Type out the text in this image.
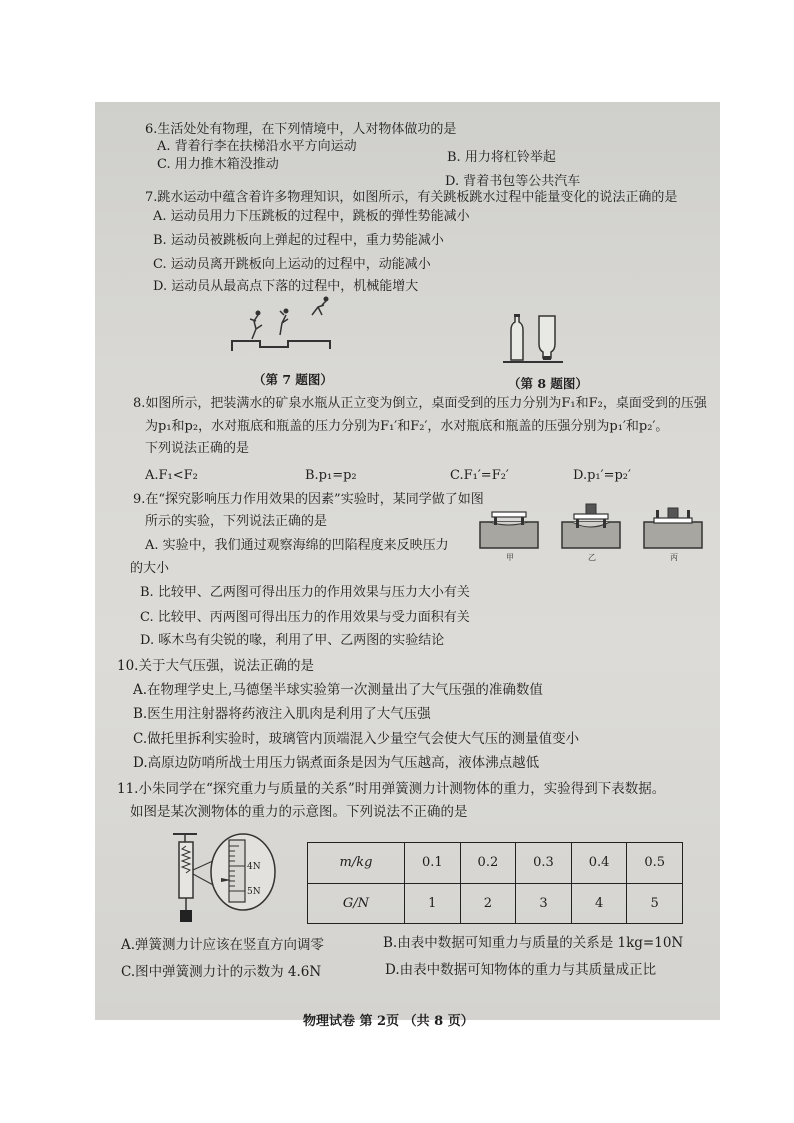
6.生活处处有物理，在下列情境中，人对物体做功的是
A. 背着行李在扶梯沿水平方向运动
B. 用力将杠铃举起
C. 用力推木箱没推动
D. 背着书包等公共汽车
7.跳水运动中蕴含着许多物理知识，如图所示，有关跳板跳水过程中能量变化的说法正确的是
A. 运动员用力下压跳板的过程中，跳板的弹性势能减小
B. 运动员被跳板向上弹起的过程中，重力势能减小
C. 运动员离开跳板向上运动的过程中，动能减小
D. 运动员从最高点下落的过程中，机械能增大
（第 7 题图）	（第 8 题图）
8.如图所示，把装满水的矿泉水瓶从正立变为倒立，桌面受到的压力分别为F₁和F₂，桌面受到的压强
为p₁和p₂，水对瓶底和瓶盖的压力分别为F₁′和F₂′，水对瓶底和瓶盖的压强分别为p₁′和p₂′。
下列说法正确的是
A.F₁<F₂	B.p₁=p₂	C.F₁′=F₂′	D.p₁′=p₂′
9.在“探究影响压力作用效果的因素”实验时，某同学做了如图
所示的实验，下列说法正确的是
A. 实验中，我们通过观察海绵的凹陷程度来反映压力
的大小
B. 比较甲、乙两图可得出压力的作用效果与压力大小有关
C. 比较甲、丙两图可得出压力的作用效果与受力面积有关
D. 啄木鸟有尖锐的喙，利用了甲、乙两图的实验结论
甲	乙	丙
10.关于大气压强，说法正确的是
A.在物理学史上,马德堡半球实验第一次测量出了大气压强的准确数值
B.医生用注射器将药液注入肌肉是利用了大气压强
C.做托里拆利实验时，玻璃管内顶端混入少量空气会使大气压的测量值变小
D.高原边防哨所战士用压力锅煮面条是因为气压越高，液体沸点越低
11.小朱同学在“探究重力与质量的关系”时用弹簧测力计测物体的重力，实验得到下表数据。
如图是某次测物体的重力的示意图。下列说法不正确的是
4N
5N
m/kg	0.1	0.2	0.3	0.4	0.5
G/N	1	2	3	4	5
A.弹簧测力计应该在竖直方向调零	B.由表中数据可知重力与质量的关系是 1kg=10N
C.图中弹簧测力计的示数为 4.6N	D.由表中数据可知物体的重力与其质量成正比
物理试卷 第 2页 （共 8 页）
